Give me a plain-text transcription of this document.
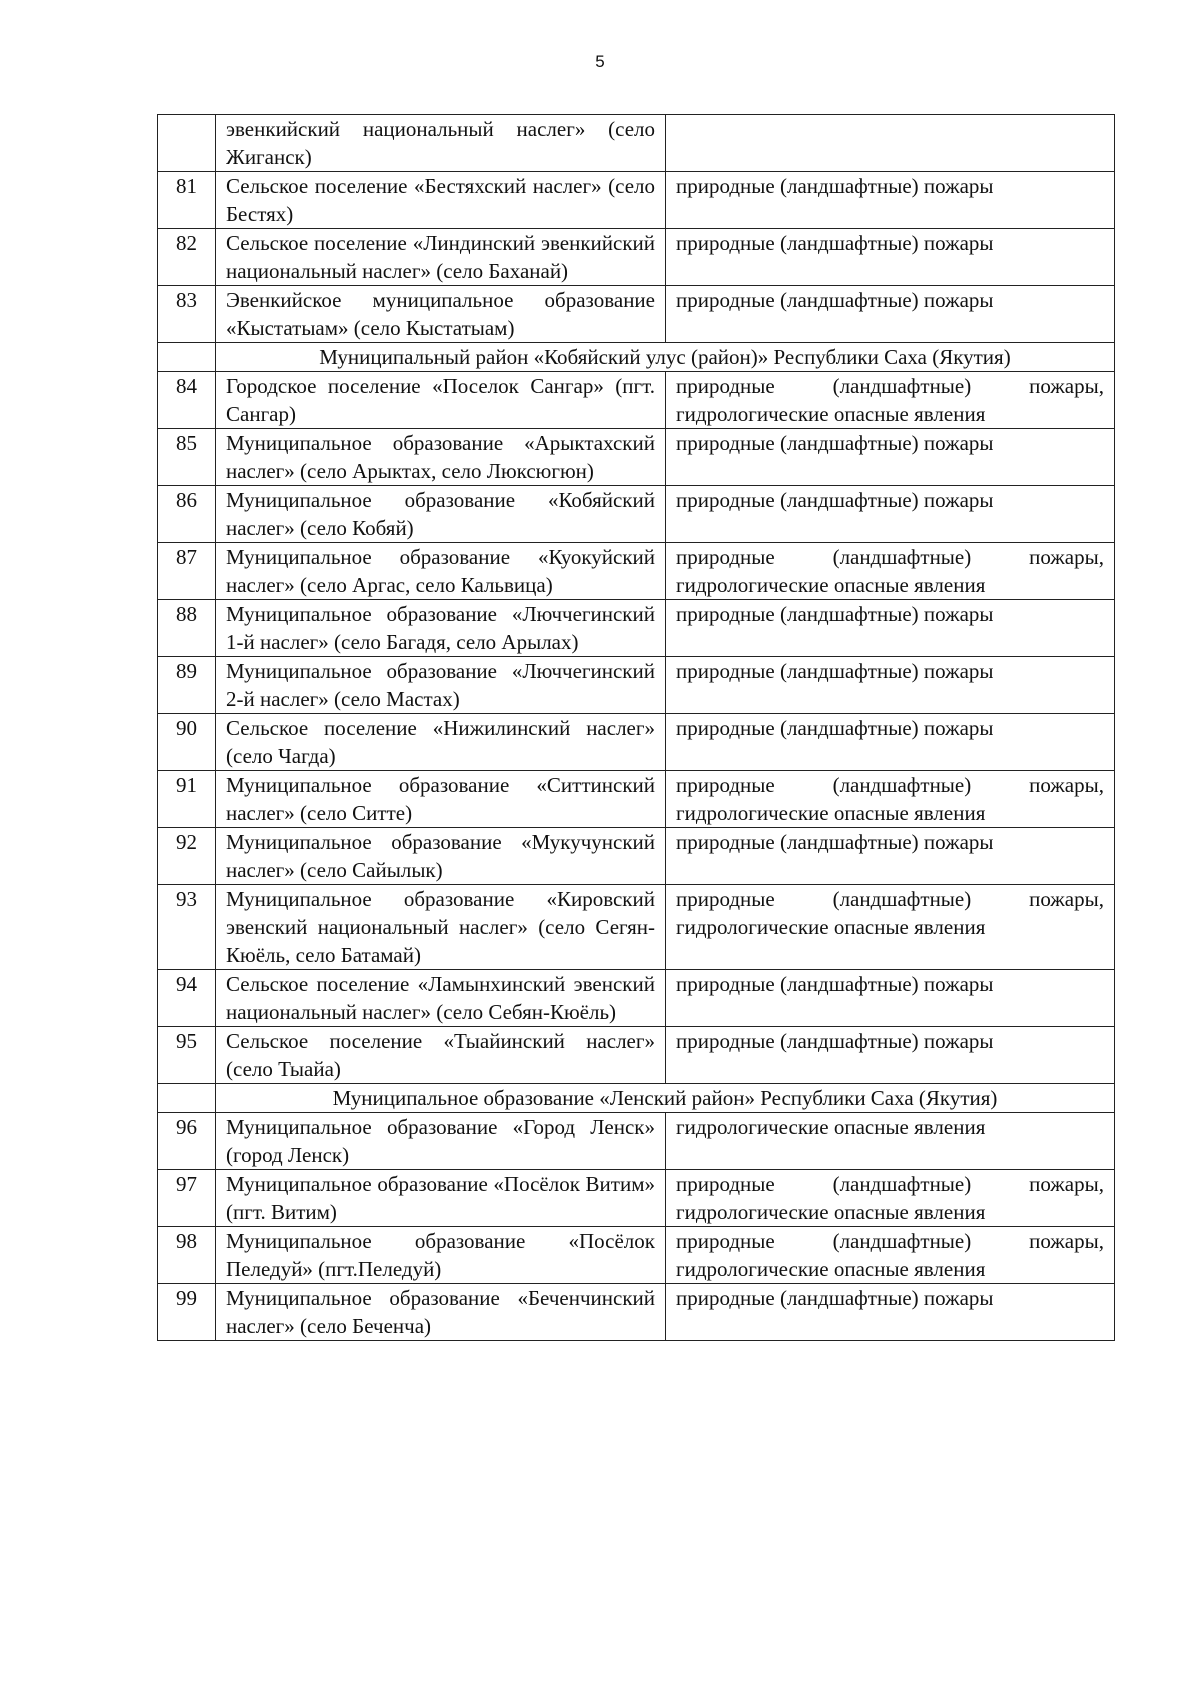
5
	эвенкийский национальный наслег» (село Жиганск)	
81	Сельское поселение «Бестяхский наслег» (село Бестях)	природные (ландшафтные) пожары
82	Сельское поселение «Линдинский эвенкийский национальный наслег» (село Баханай)	природные (ландшафтные) пожары
83	Эвенкийское муниципальное образование «Кыстатыам» (село Кыстатыам)	природные (ландшафтные) пожары
	Муниципальный район «Кобяйский улус (район)» Республики Саха (Якутия)	
84	Городское поселение «Поселок Сангар» (пгт. Сангар)	природные (ландшафтные) пожары, гидрологические опасные явления
85	Муниципальное образование «Арыктахский наслег» (село Арыктах, село Люксюгюн)	природные (ландшафтные) пожары
86	Муниципальное образование «Кобяйский наслег» (село Кобяй)	природные (ландшафтные) пожары
87	Муниципальное образование «Куокуйский наслег» (село Аргас, село Кальвица)	природные (ландшафтные) пожары, гидрологические опасные явления
88	Муниципальное образование «Люччегинский 1-й наслег» (село Багадя, село Арылах)	природные (ландшафтные) пожары
89	Муниципальное образование «Люччегинский 2-й наслег» (село Мастах)	природные (ландшафтные) пожары
90	Сельское поселение «Нижилинский наслег» (село Чагда)	природные (ландшафтные) пожары
91	Муниципальное образование «Ситтинский наслег» (село Ситте)	природные (ландшафтные) пожары, гидрологические опасные явления
92	Муниципальное образование «Мукучунский наслег» (село Сайылык)	природные (ландшафтные) пожары
93	Муниципальное образование «Кировский эвенский национальный наслег» (село Сегян-Кюёль, село Батамай)	природные (ландшафтные) пожары, гидрологические опасные явления
94	Сельское поселение «Ламынхинский эвенский национальный наслег» (село Себян-Кюёль)	природные (ландшафтные) пожары
95	Сельское поселение «Тыайинский наслег» (село Тыайа)	природные (ландшафтные) пожары
	Муниципальное образование «Ленский район» Республики Саха (Якутия)	
96	Муниципальное образование «Город Ленск» (город Ленск)	гидрологические опасные явления
97	Муниципальное образование «Посёлок Витим» (пгт. Витим)	природные (ландшафтные) пожары, гидрологические опасные явления
98	Муниципальное образование «Посёлок Пеледуй» (пгт.Пеледуй)	природные (ландшафтные) пожары, гидрологические опасные явления
99	Муниципальное образование «Беченчинский наслег» (село Беченча)	природные (ландшафтные) пожары
